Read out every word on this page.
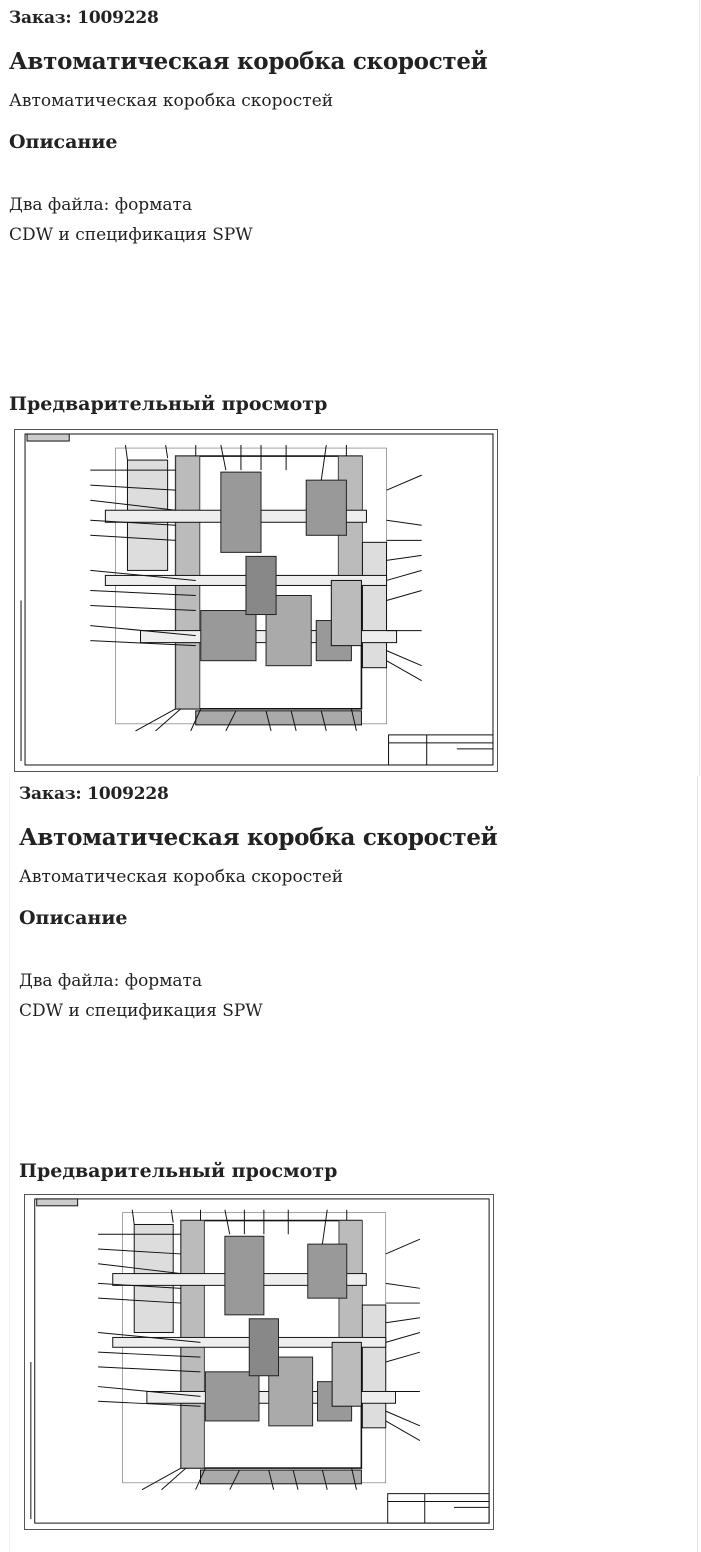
Заказ: 1009228
Автоматическая коробка скоростей

Автоматическая коробка скоростей

Описание

Два файла: формата

CDW и спецификация SPW

Предварительный просмотр
Заказ: 1009228
Автоматическая коробка скоростей

Автоматическая коробка скоростей

Описание

Два файла: формата

CDW и спецификация SPW

Предварительный просмотр
